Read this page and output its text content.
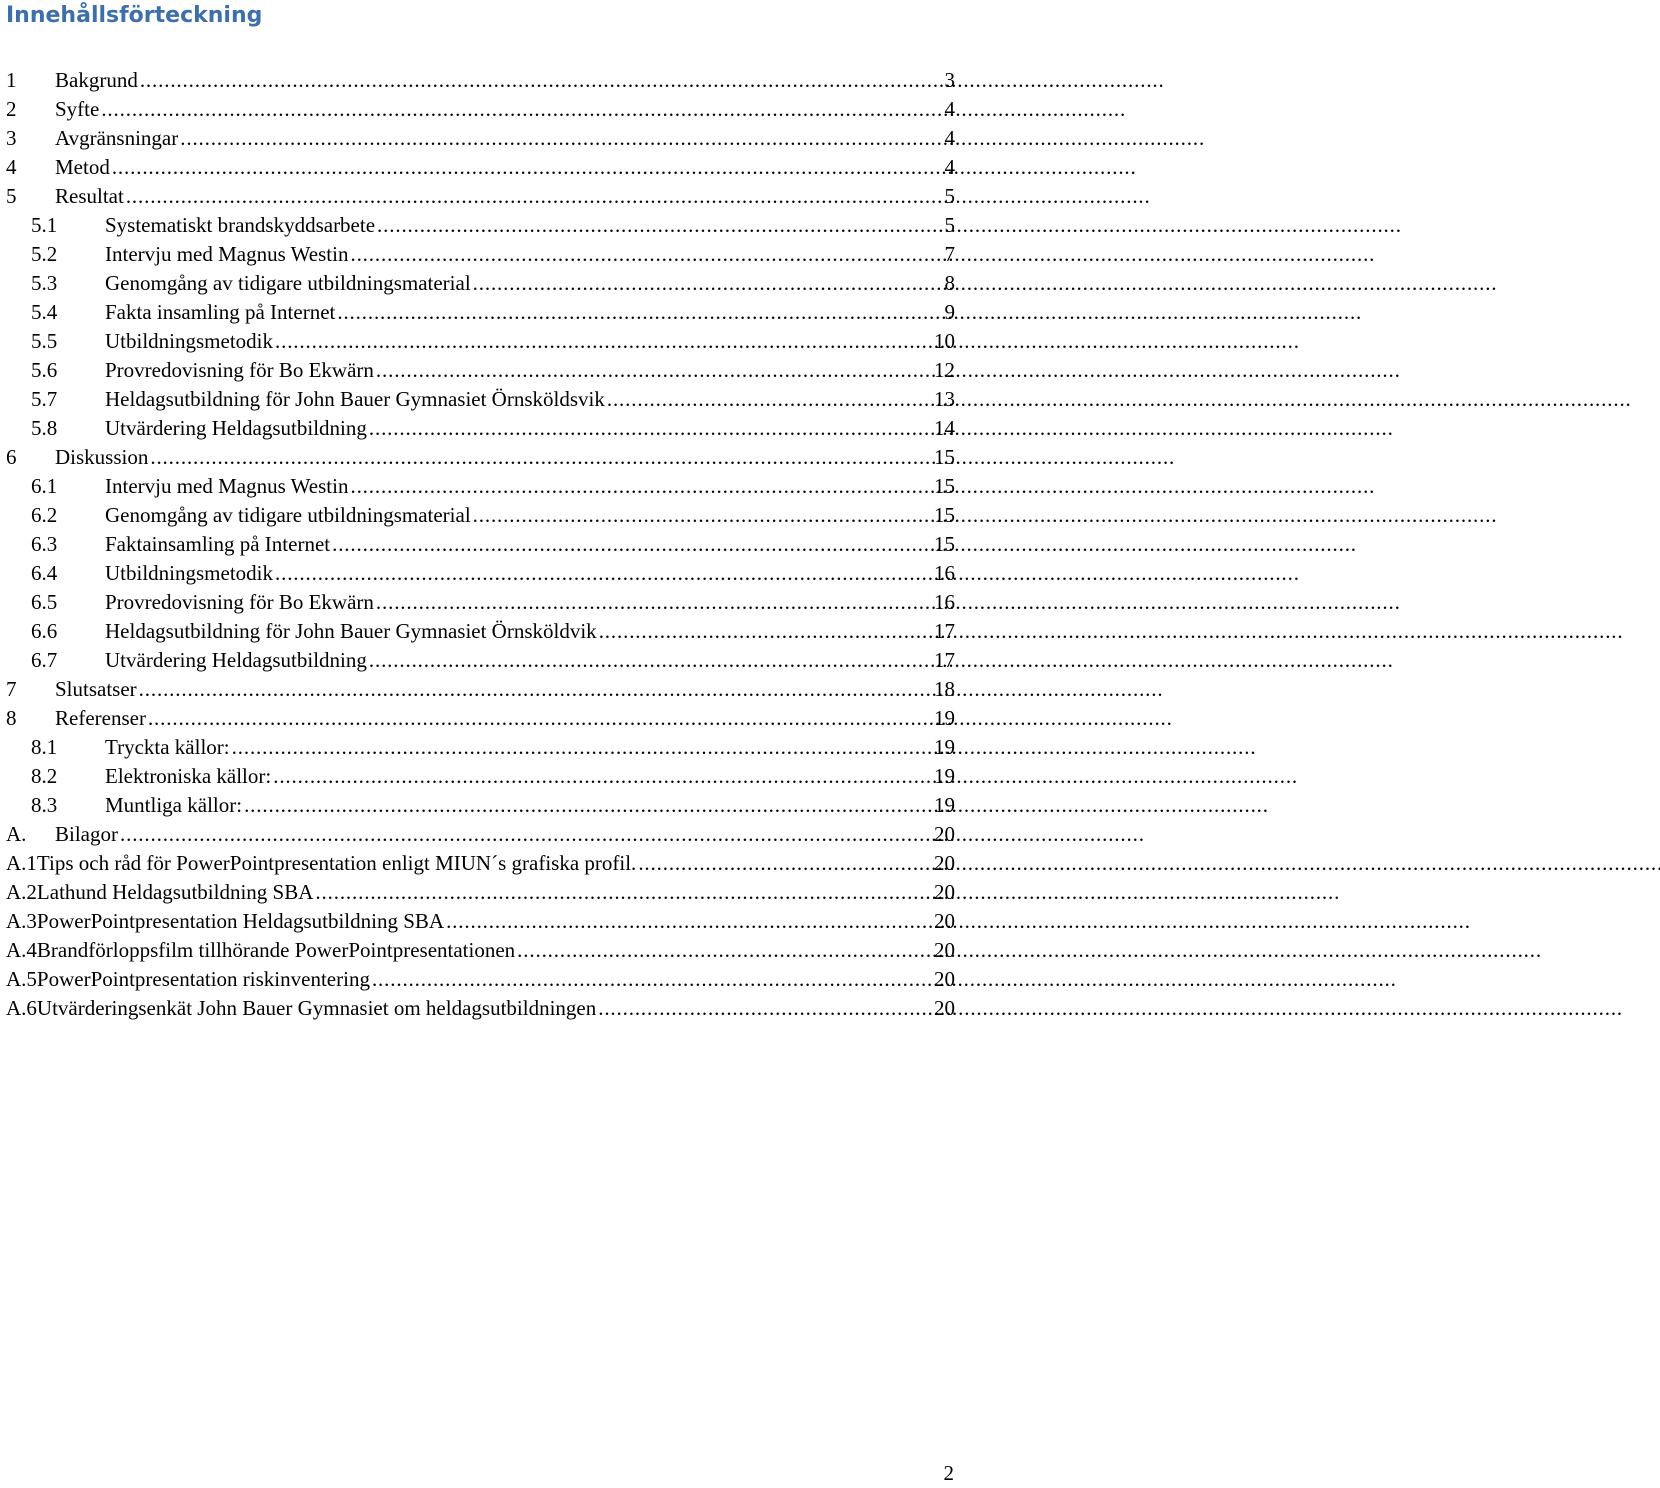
Innehållsförteckning
1	Bakgrund . . .	3
2	Syfte . . .	4
3	Avgränsningar . . .	4
4	Metod . . .	4
5	Resultat . . .	5
5.1	Systematiskt brandskyddsarbete . . .	5
5.2	Intervju med Magnus Westin . . .	7
5.3	Genomgång av tidigare utbildningsmaterial . . .	8
5.4	Fakta insamling på Internet . . .	9
5.5	Utbildningsmetodik . . .	10
5.6	Provredovisning för Bo Ekwärn . . .	12
5.7	Heldagsutbildning för John Bauer Gymnasiet Örnsköldsvik . . .	13
5.8	Utvärdering Heldagsutbildning . . .	14
6	Diskussion . . .	15
6.1	Intervju med Magnus Westin . . .	15
6.2	Genomgång av tidigare utbildningsmaterial . . .	15
6.3	Faktainsamling på Internet . . .	15
6.4	Utbildningsmetodik . . .	16
6.5	Provredovisning för Bo Ekwärn . . .	16
6.6	Heldagsutbildning för John Bauer Gymnasiet Örnsköldvik . . .	17
6.7	Utvärdering Heldagsutbildning . . .	17
7	Slutsatser . . .	18
8	Referenser . . .	19
8.1	Tryckta källor: . . .	19
8.2	Elektroniska källor: . . .	19
8.3	Muntliga källor: . . .	19
A.	Bilagor . . .	20
A.1 Tips och råd för PowerPointpresentation enligt MIUN´s grafiska profil. . . .	20
A.2 Lathund Heldagsutbildning SBA . . .	20
A.3 PowerPointpresentation Heldagsutbildning SBA . . .	20
A.4 Brandförloppsfilm tillhörande PowerPointpresentationen . . .	20
A.5 PowerPointpresentation riskinventering . . .	20
A.6 Utvärderingsenkät John Bauer Gymnasiet om heldagsutbildningen . . .	20
2
